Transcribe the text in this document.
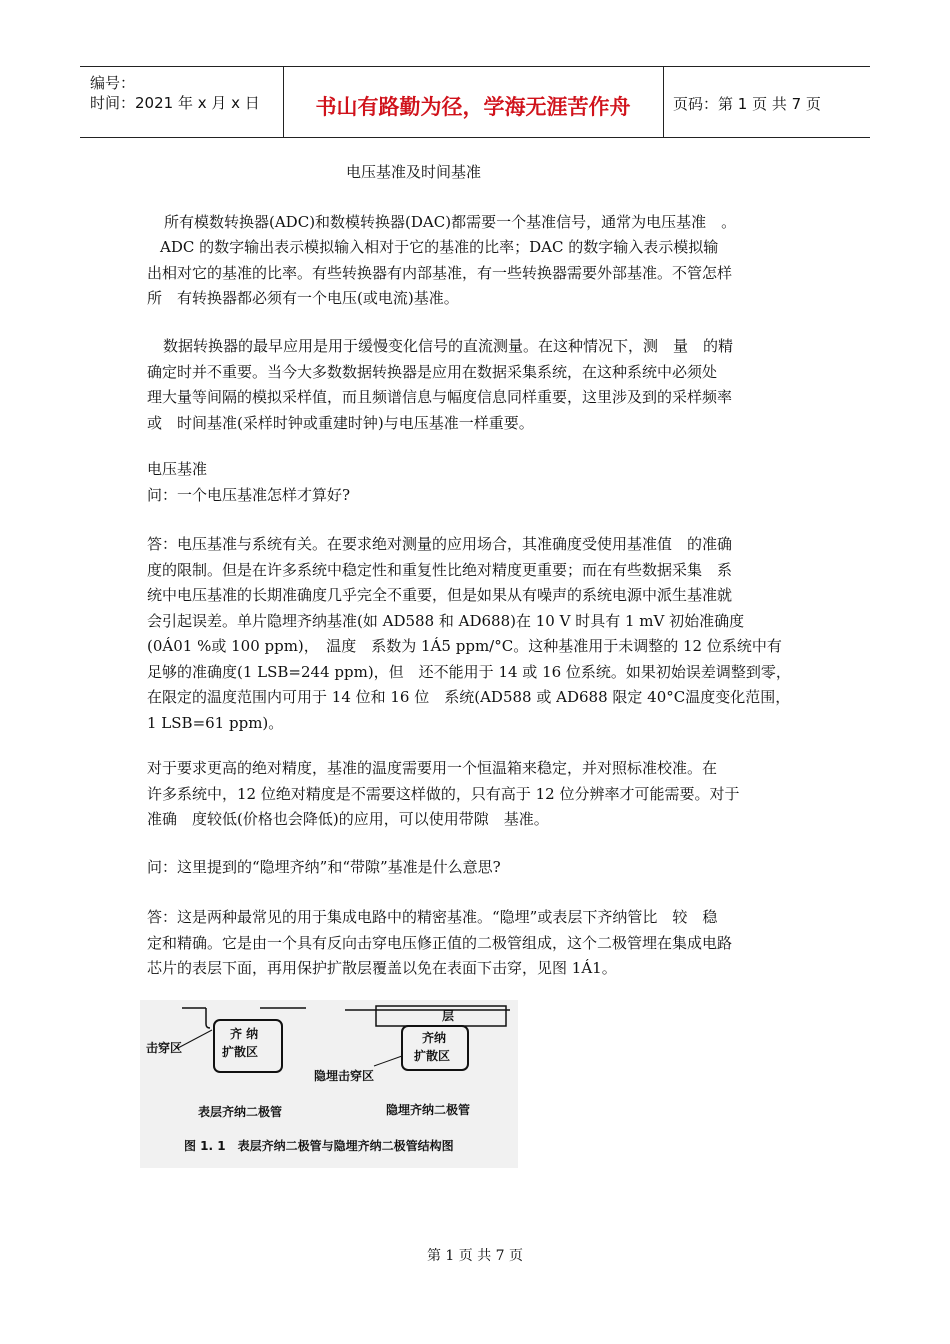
编号：
时间：2021 年 x 月 x 日	书山有路勤为径，学海无涯苦作舟	页码：第 1 页 共 7 页
电压基准及时间基准
所有模数转换器(ADC)和数模转换器(DAC)都需要一个基准信号，通常为电压基准　。
ADC 的数字输出表示模拟输入相对于它的基准的比率；DAC 的数字输入表示模拟输
出相对它的基准的比率。有些转换器有内部基准，有一些转换器需要外部基准。不管怎样
所　有转换器都必须有一个电压(或电流)基准。
数据转换器的最早应用是用于缓慢变化信号的直流测量。在这种情况下，测　量　的精
确定时并不重要。当今大多数数据转换器是应用在数据采集系统，在这种系统中必须处
理大量等间隔的模拟采样值，而且频谱信息与幅度信息同样重要，这里涉及到的采样频率
或　时间基准(采样时钟或重建时钟)与电压基准一样重要。
电压基准
问：一个电压基准怎样才算好?
答：电压基准与系统有关。在要求绝对测量的应用场合，其准确度受使用基准值　的准确
度的限制。但是在许多系统中稳定性和重复性比绝对精度更重要；而在有些数据采集　系
统中电压基准的长期准确度几乎完全不重要，但是如果从有噪声的系统电源中派生基准就
会引起误差。单片隐埋齐纳基准(如 AD588 和 AD688)在 10 V 时具有 1 mV 初始准确度
(0Á01 %或 100 ppm)，　温度　系数为 1Á5 ppm/°C。这种基准用于未调整的 12 位系统中有
足够的准确度(1 LSB=244 ppm)，但　还不能用于 14 或 16 位系统。如果初始误差调整到零，
在限定的温度范围内可用于 14 位和 16 位　系统(AD588 或 AD688 限定 40°C温度变化范围，
1 LSB=61 ppm)。
对于要求更高的绝对精度，基准的温度需要用一个恒温箱来稳定，并对照标准校准。在
许多系统中，12 位绝对精度是不需要这样做的，只有高于 12 位分辨率才可能需要。对于
准确　度较低(价格也会降低)的应用，可以使用带隙　基准。
问：这里提到的“隐埋齐纳”和“带隙”基准是什么意思?
答：这是两种最常见的用于集成电路中的精密基准。“隐埋”或表层下齐纳管比　较　稳
定和精确。它是由一个具有反向击穿电压修正值的二极管组成，这个二极管埋在集成电路
芯片的表层下面，再用保护扩散层覆盖以免在表面下击穿，见图 1Á1。
齐 纳
扩散区
击穿区
表层齐纳二极管
层
齐纳
扩散区
隐埋击穿区
隐埋齐纳二极管
图 1. 1　表层齐纳二极管与隐埋齐纳二极管结构图
第 1 页 共 7 页
